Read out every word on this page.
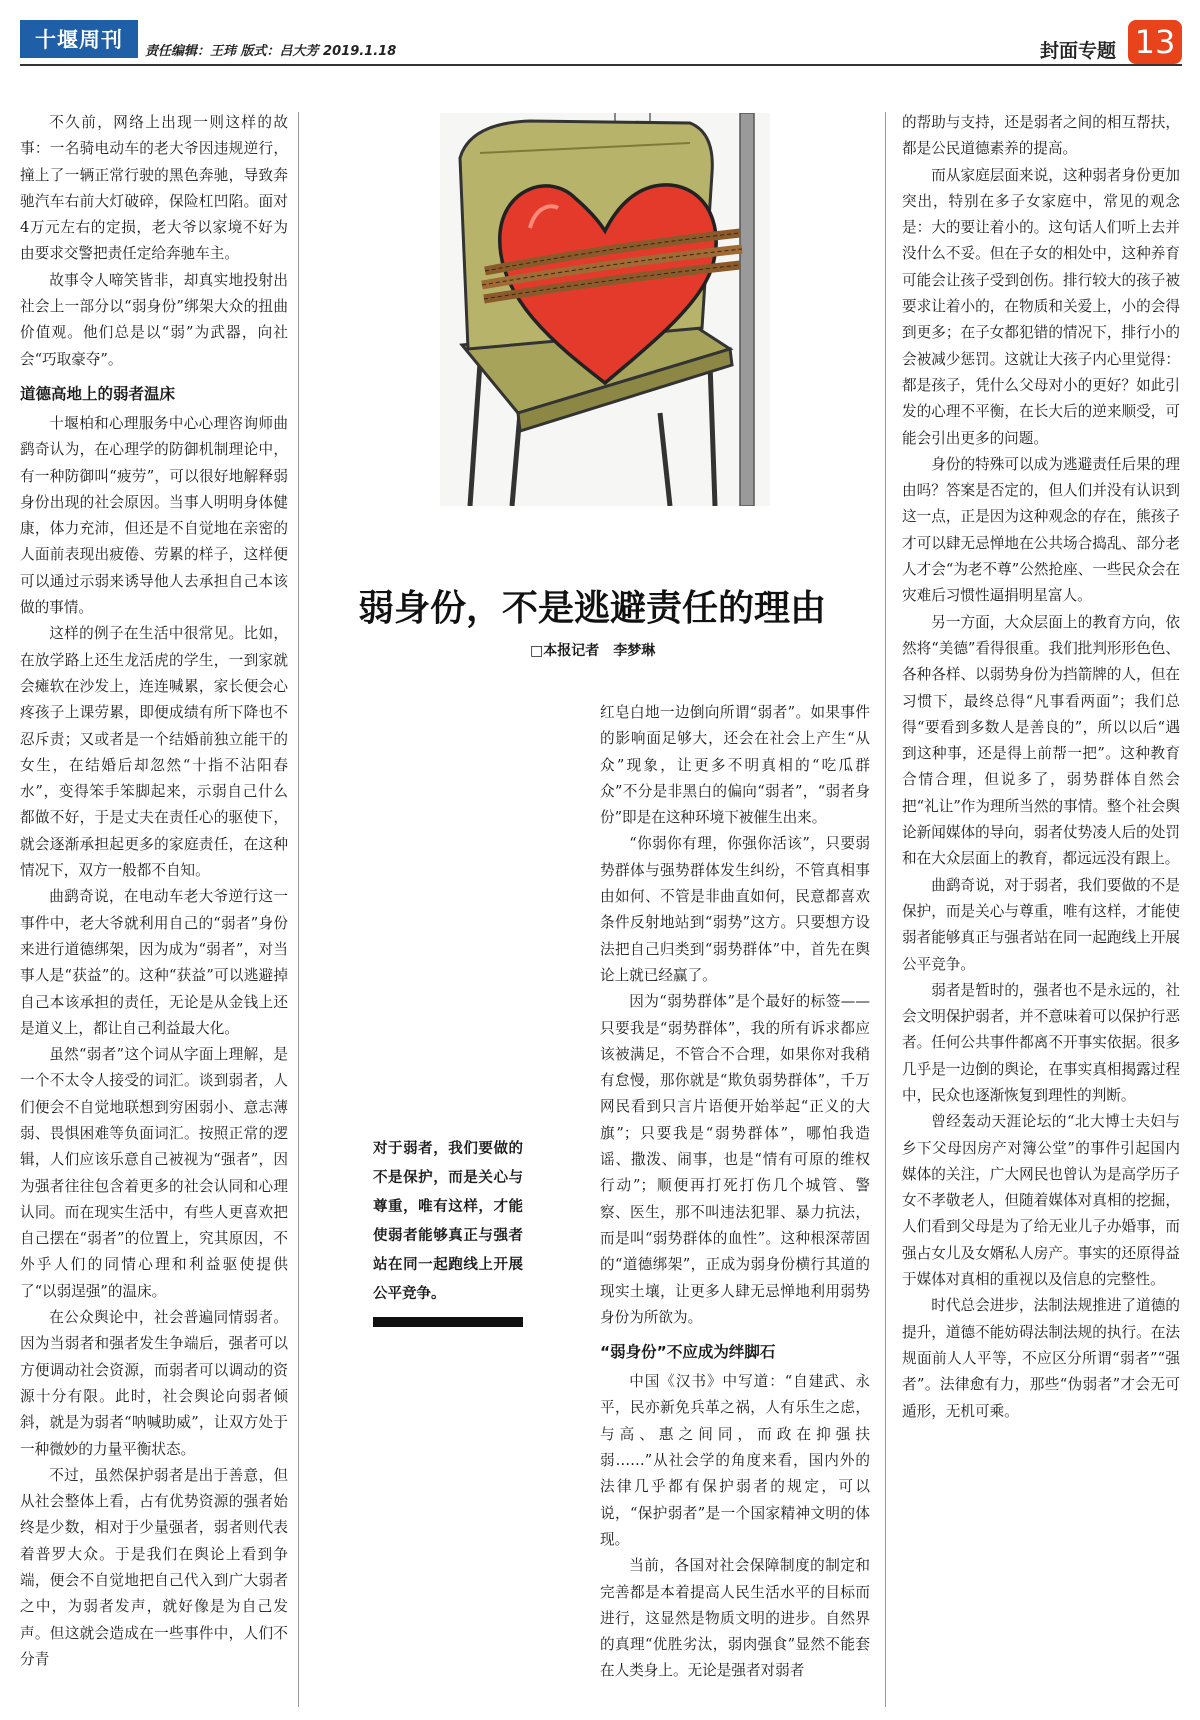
十堰周刊	责任编辑：王玮 版式：吕大芳 2019.1.18	封面专题 13
弱身份，不是逃避责任的理由
□本报记者　李梦琳
对于弱者，我们要做的不是保护，而是关心与尊重，唯有这样，才能使弱者能够真正与强者站在同一起跑线上开展公平竞争。

不久前，网络上出现一则这样的故事：一名骑电动车的老大爷因违规逆行，撞上了一辆正常行驶的黑色奔驰，导致奔驰汽车右前大灯破碎，保险杠凹陷。面对4万元左右的定损，老大爷以家境不好为由要求交警把责任定给奔驰车主。

故事令人啼笑皆非，却真实地投射出社会上一部分以“弱身份”绑架大众的扭曲价值观。他们总是以“弱”为武器，向社会“巧取豪夺”。

道德高地上的弱者温床

十堰柏和心理服务中心心理咨询师曲鹞奇认为，在心理学的防御机制理论中，有一种防御叫“疲劳”，可以很好地解释弱身份出现的社会原因。当事人明明身体健康，体力充沛，但还是不自觉地在亲密的人面前表现出疲倦、劳累的样子，这样便可以通过示弱来诱导他人去承担自己本该做的事情。

这样的例子在生活中很常见。比如，在放学路上还生龙活虎的学生，一到家就会瘫软在沙发上，连连喊累，家长便会心疼孩子上课劳累，即便成绩有所下降也不忍斥责；又或者是一个结婚前独立能干的女生，在结婚后却忽然“十指不沾阳春水”，变得笨手笨脚起来，示弱自己什么都做不好，于是丈夫在责任心的驱使下，就会逐渐承担起更多的家庭责任，在这种情况下，双方一般都不自知。

曲鹞奇说，在电动车老大爷逆行这一事件中，老大爷就利用自己的“弱者”身份来进行道德绑架，因为成为“弱者”，对当事人是“获益”的。这种“获益”可以逃避掉自己本该承担的责任，无论是从金钱上还是道义上，都让自己利益最大化。

虽然“弱者”这个词从字面上理解，是一个不太令人接受的词汇。谈到弱者，人们便会不自觉地联想到穷困弱小、意志薄弱、畏惧困难等负面词汇。按照正常的逻辑，人们应该乐意自己被视为“强者”，因为强者往往包含着更多的社会认同和心理认同。而在现实生活中，有些人更喜欢把自己摆在“弱者”的位置上，究其原因，不外乎人们的同情心理和利益驱使提供了“以弱逞强”的温床。

在公众舆论中，社会普遍同情弱者。因为当弱者和强者发生争端后，强者可以方便调动社会资源，而弱者可以调动的资源十分有限。此时，社会舆论向弱者倾斜，就是为弱者“呐喊助威”，让双方处于一种微妙的力量平衡状态。

不过，虽然保护弱者是出于善意，但从社会整体上看，占有优势资源的强者始终是少数，相对于少量强者，弱者则代表着普罗大众。于是我们在舆论上看到争端，便会不自觉地把自己代入到广大弱者之中，为弱者发声，就好像是为自己发声。但这就会造成在一些事件中，人们不分青

红皂白地一边倒向所谓“弱者”。如果事件的影响面足够大，还会在社会上产生“从众”现象，让更多不明真相的“吃瓜群众”不分是非黑白的偏向“弱者”，“弱者身份”即是在这种环境下被催生出来。

“你弱你有理，你强你活该”，只要弱势群体与强势群体发生纠纷，不管真相事由如何、不管是非曲直如何，民意都喜欢条件反射地站到“弱势”这方。只要想方设法把自己归类到“弱势群体”中，首先在舆论上就已经赢了。

因为“弱势群体”是个最好的标签——只要我是“弱势群体”，我的所有诉求都应该被满足，不管合不合理，如果你对我稍有怠慢，那你就是“欺负弱势群体”，千万网民看到只言片语便开始举起“正义的大旗”；只要我是“弱势群体”，哪怕我造谣、撒泼、闹事，也是“情有可原的维权行动”；顺便再打死打伤几个城管、警察、医生，那不叫违法犯罪、暴力抗法，而是叫“弱势群体的血性”。这种根深蒂固的“道德绑架”，正成为弱身份横行其道的现实土壤，让更多人肆无忌惮地利用弱势身份为所欲为。

“弱身份”不应成为绊脚石

中国《汉书》中写道：“自建武、永平，民亦新免兵革之祸，人有乐生之虑，与高、惠之间同，而政在抑强扶弱……”从社会学的角度来看，国内外的法律几乎都有保护弱者的规定，可以说，“保护弱者”是一个国家精神文明的体现。

当前，各国对社会保障制度的制定和完善都是本着提高人民生活水平的目标而进行，这显然是物质文明的进步。自然界的真理“优胜劣汰，弱肉强食”显然不能套在人类身上。无论是强者对弱者

的帮助与支持，还是弱者之间的相互帮扶，都是公民道德素养的提高。

而从家庭层面来说，这种弱者身份更加突出，特别在多子女家庭中，常见的观念是：大的要让着小的。这句话人们听上去并没什么不妥。但在子女的相处中，这种养育可能会让孩子受到创伤。排行较大的孩子被要求让着小的，在物质和关爱上，小的会得到更多；在子女都犯错的情况下，排行小的会被减少惩罚。这就让大孩子内心里觉得：都是孩子，凭什么父母对小的更好？如此引发的心理不平衡，在长大后的逆来顺受，可能会引出更多的问题。

身份的特殊可以成为逃避责任后果的理由吗？答案是否定的，但人们并没有认识到这一点，正是因为这种观念的存在，熊孩子才可以肆无忌惮地在公共场合捣乱、部分老人才会“为老不尊”公然抢座、一些民众会在灾难后习惯性逼捐明星富人。

另一方面，大众层面上的教育方向，依然将“美德”看得很重。我们批判形形色色、各种各样、以弱势身份为挡箭牌的人，但在习惯下，最终总得“凡事看两面”；我们总得“要看到多数人是善良的”，所以以后“遇到这种事，还是得上前帮一把”。这种教育合情合理，但说多了，弱势群体自然会把“礼让”作为理所当然的事情。整个社会舆论新闻媒体的导向，弱者仗势凌人后的处罚和在大众层面上的教育，都远远没有跟上。

曲鹞奇说，对于弱者，我们要做的不是保护，而是关心与尊重，唯有这样，才能使弱者能够真正与强者站在同一起跑线上开展公平竞争。

弱者是暂时的，强者也不是永远的，社会文明保护弱者，并不意味着可以保护行恶者。任何公共事件都离不开事实依据。很多几乎是一边倒的舆论，在事实真相揭露过程中，民众也逐渐恢复到理性的判断。

曾经轰动天涯论坛的“北大博士夫妇与乡下父母因房产对簿公堂”的事件引起国内媒体的关注，广大网民也曾认为是高学历子女不孝敬老人，但随着媒体对真相的挖掘，人们看到父母是为了给无业儿子办婚事，而强占女儿及女婿私人房产。事实的还原得益于媒体对真相的重视以及信息的完整性。

时代总会进步，法制法规推进了道德的提升，道德不能妨碍法制法规的执行。在法规面前人人平等，不应区分所谓“弱者”“强者”。法律愈有力，那些“伪弱者”才会无可遁形，无机可乘。
